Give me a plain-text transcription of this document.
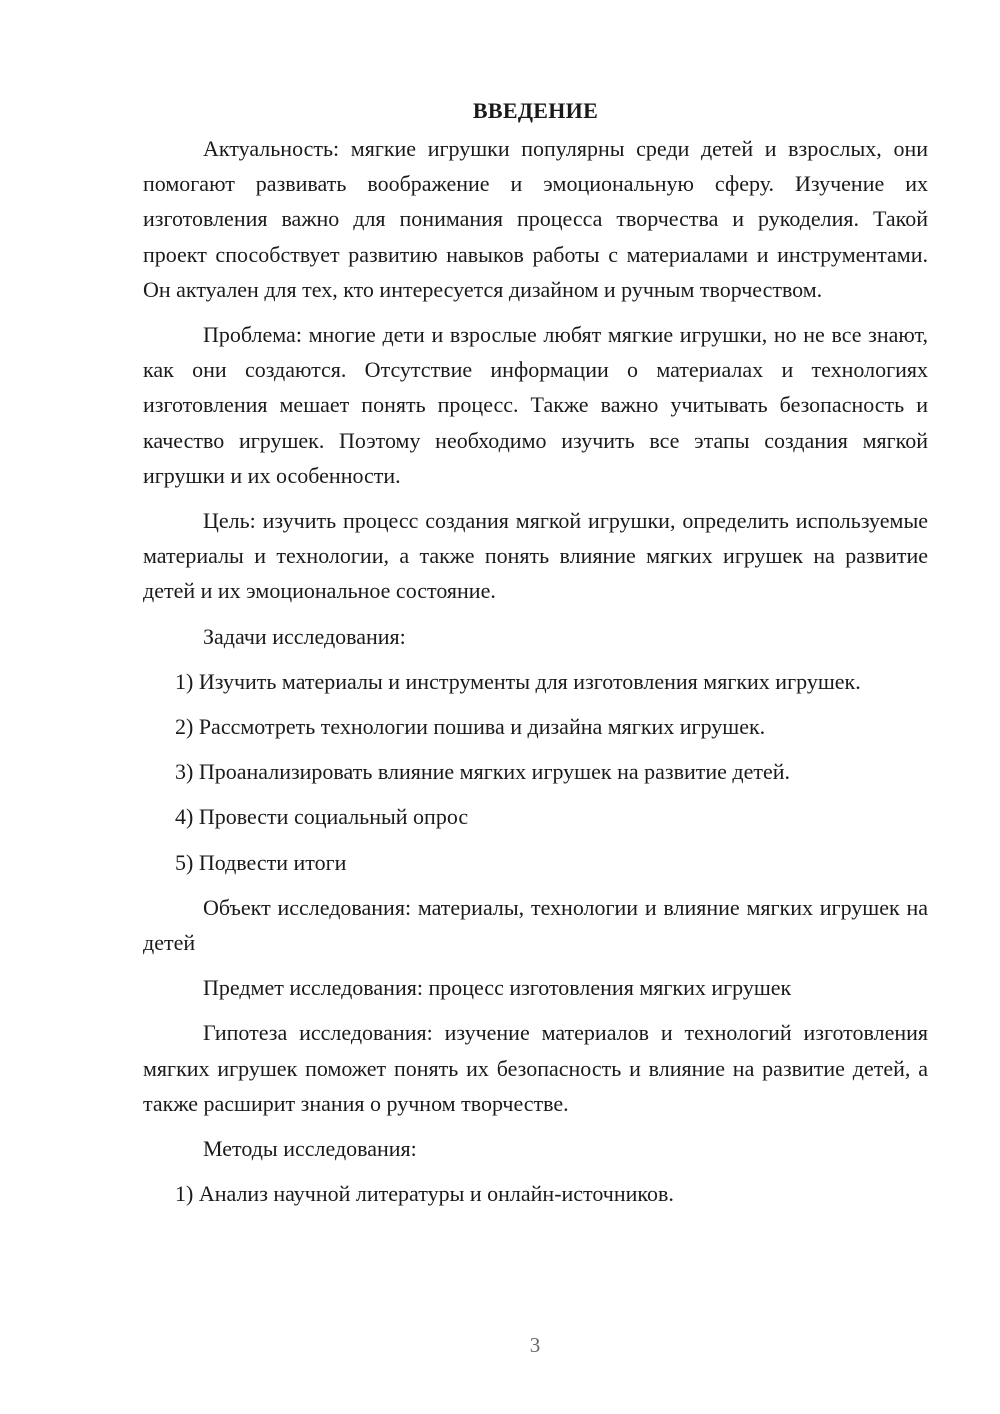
ВВЕДЕНИЕ

Актуальность: мягкие игрушки популярны среди детей и взрослых, они помогают развивать воображение и эмоциональную сферу. Изучение их изготовления важно для понимания процесса творчества и рукоделия. Такой проект способствует развитию навыков работы с материалами и инструментами. Он актуален для тех, кто интересуется дизайном и ручным творчеством.

Проблема: многие дети и взрослые любят мягкие игрушки, но не все знают, как они создаются. Отсутствие информации о материалах и технологиях изготовления мешает понять процесс. Также важно учитывать безопасность и качество игрушек. Поэтому необходимо изучить все этапы создания мягкой игрушки и их особенности.

Цель: изучить процесс создания мягкой игрушки, определить используемые материалы и технологии, а также понять влияние мягких игрушек на развитие детей и их эмоциональное состояние.

Задачи исследования:

1) Изучить материалы и инструменты для изготовления мягких игрушек.

2) Рассмотреть технологии пошива и дизайна мягких игрушек.

3) Проанализировать влияние мягких игрушек на развитие детей.

4) Провести социальный опрос

5) Подвести итоги

Объект исследования: материалы, технологии и влияние мягких игрушек на детей

Предмет исследования: процесс изготовления мягких игрушек

Гипотеза исследования: изучение материалов и технологий изготовления мягких игрушек поможет понять их безопасность и влияние на развитие детей, а также расширит знания о ручном творчестве.

Методы исследования:

1) Анализ научной литературы и онлайн-источников.

3
